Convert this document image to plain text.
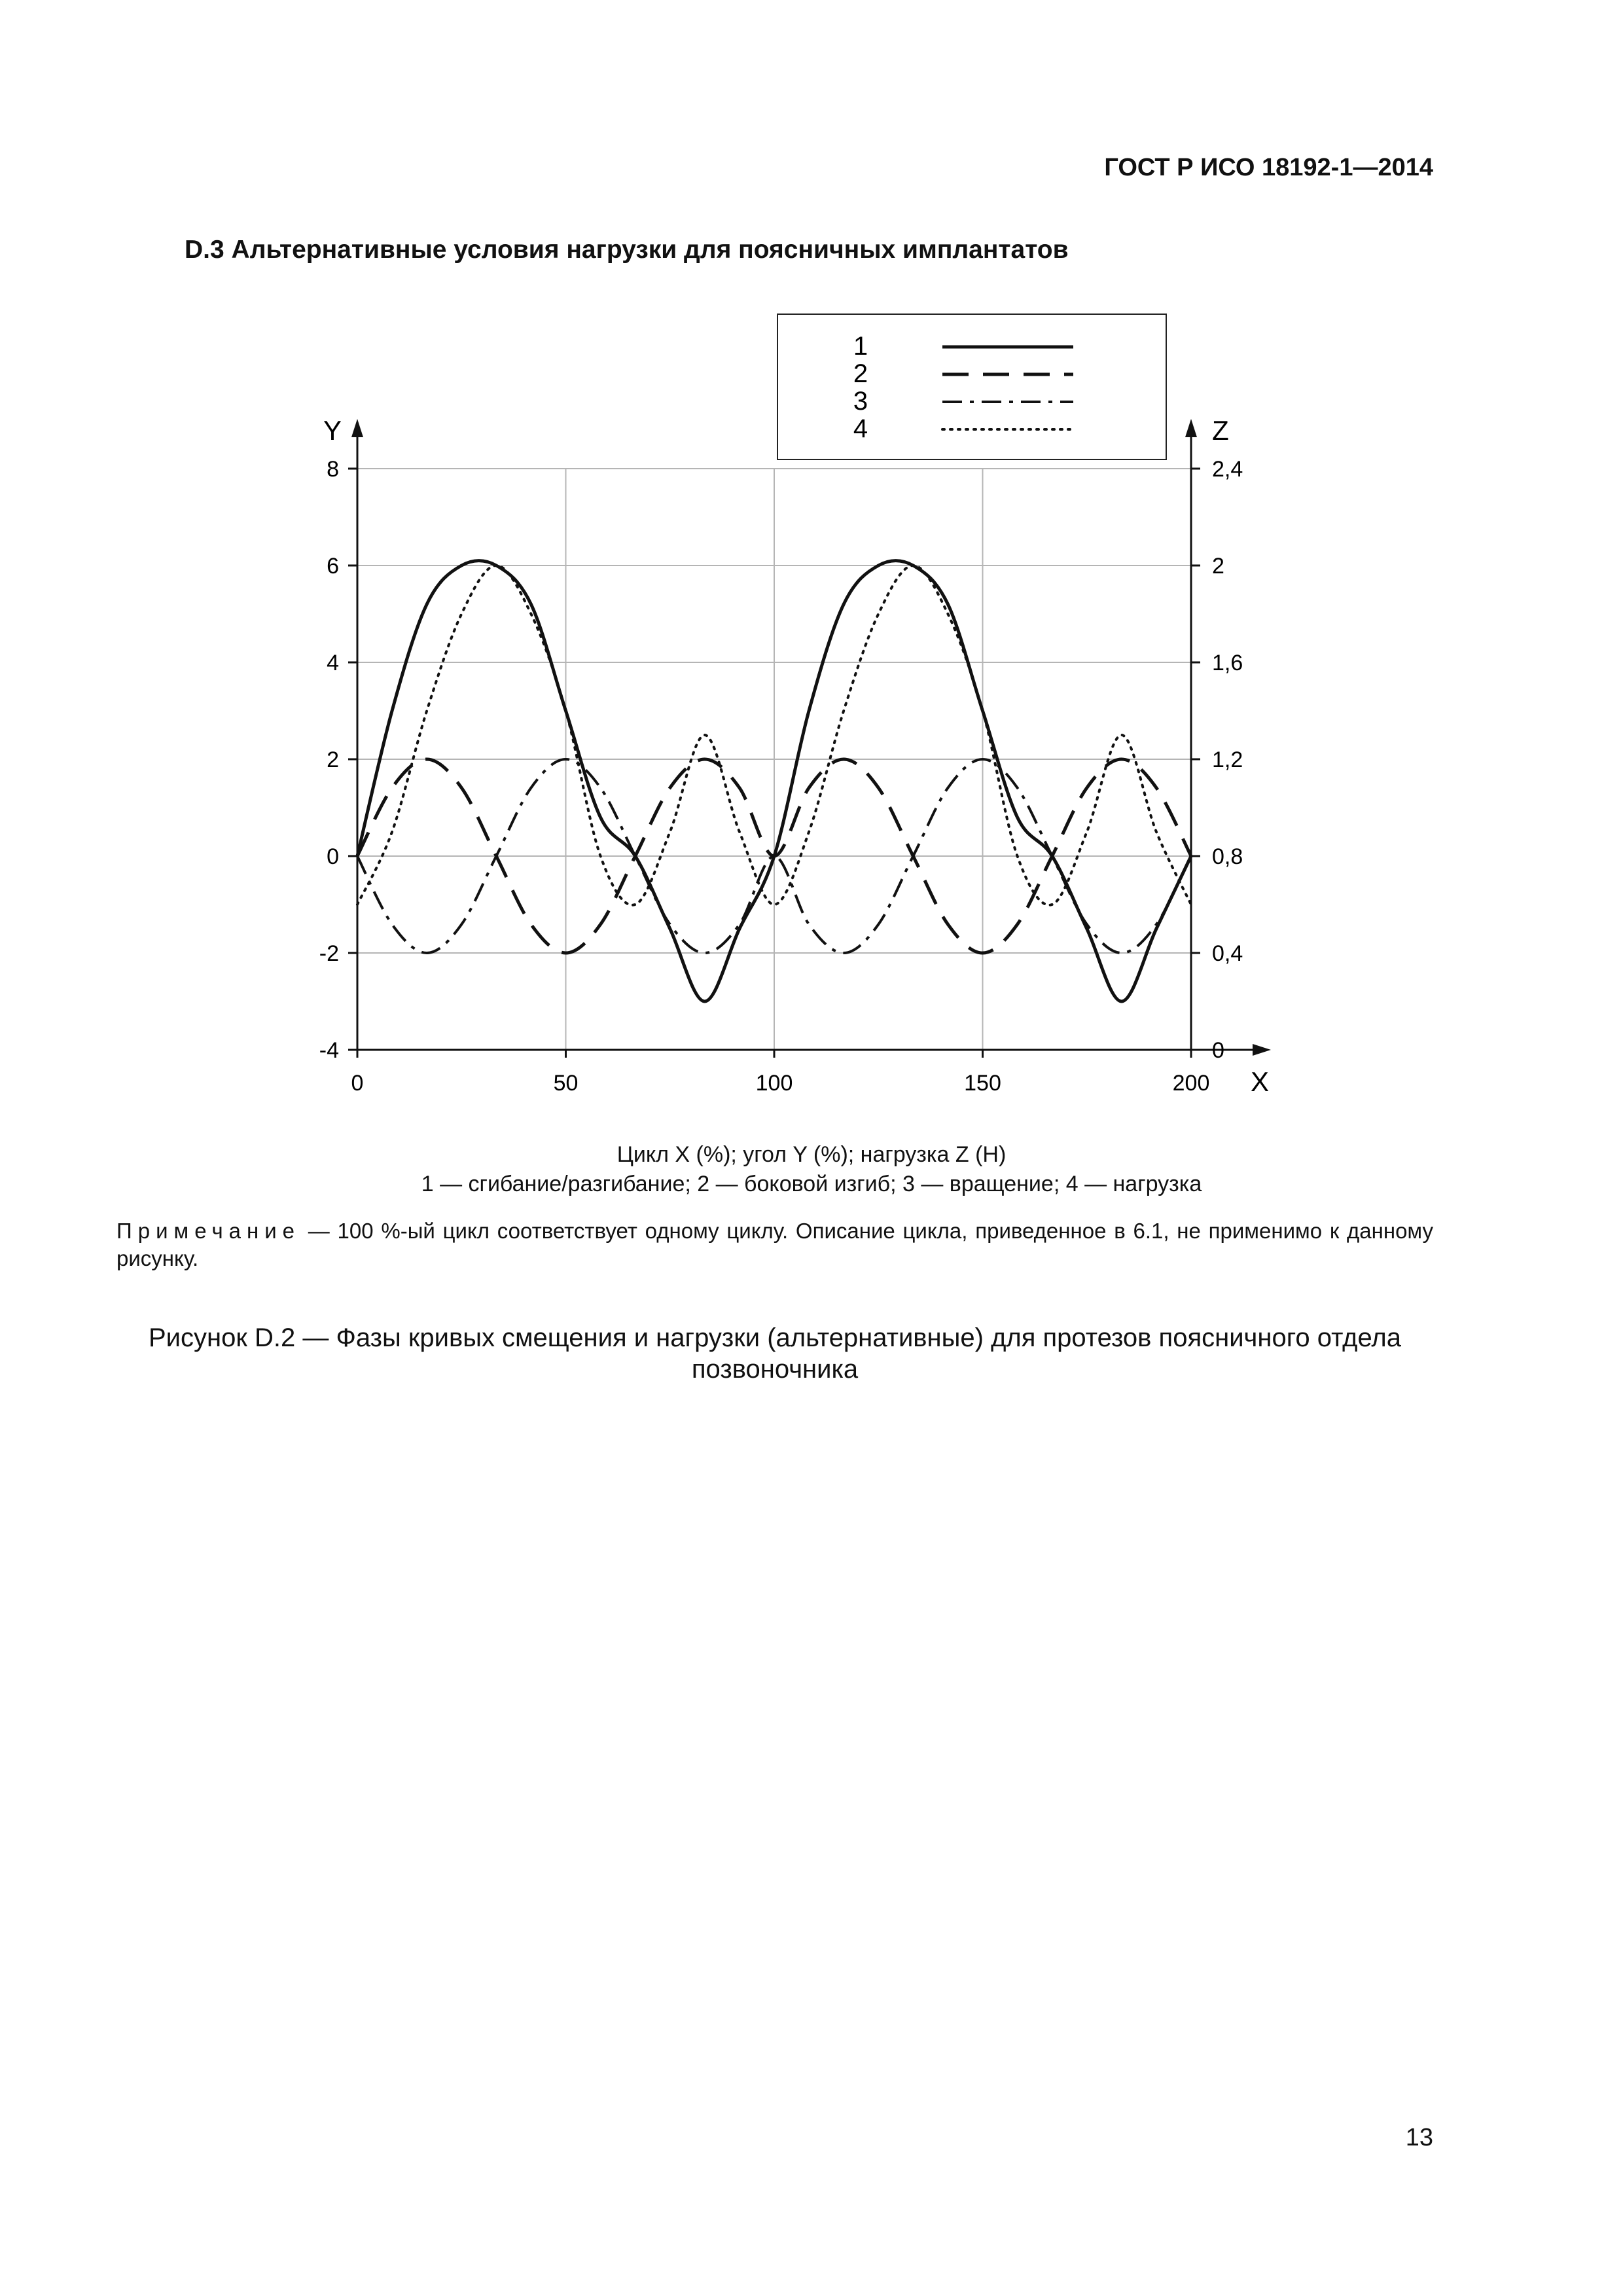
ГОСТ Р ИСО 18192-1—2014
D.3 Альтернативные условия нагрузки для поясничных имплантатов
Y	Z
X
-4
-2
0
2
4
6
8
0
0,4
0,8
1,2
1,6
2
2,4
0	50	100	150	200
1
2
3
4
Цикл X (%); угол Y (%); нагрузка Z (Н)
1 — сгибание/разгибание; 2 — боковой изгиб; 3 — вращение; 4 — нагрузка
Примечание — 100 %-ый цикл соответствует одному циклу. Описание цикла, приведенное в 6.1, не применимо к данному рисунку.
Рисунок D.2 — Фазы кривых смещения и нагрузки (альтернативные) для протезов поясничного отдела позвоночника
13
